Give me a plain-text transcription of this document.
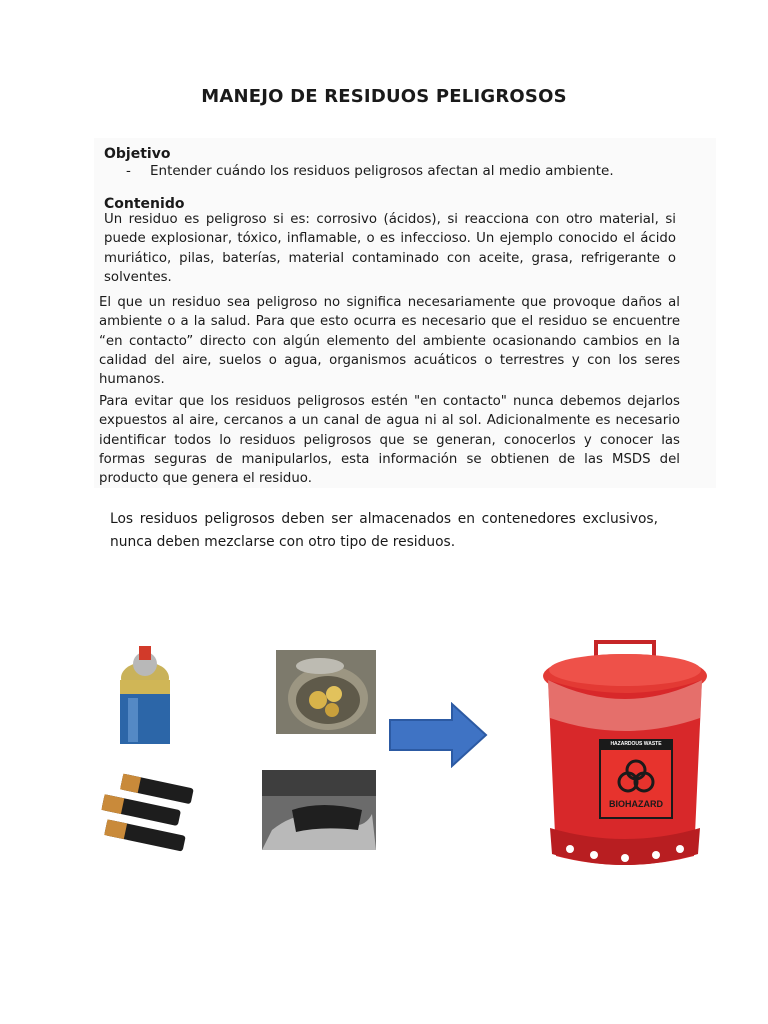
MANEJO DE RESIDUOS PELIGROSOS
Objetivo
- Entender cuándo los residuos peligrosos afectan al medio ambiente.
Contenido
Un residuo es peligroso si es: corrosivo (ácidos), si reacciona con otro material, si puede explosionar, tóxico, inflamable, o es infeccioso. Un ejemplo conocido el ácido muriático, pilas, baterías, material contaminado con aceite, grasa, refrigerante o solventes.
El que un residuo sea peligroso no significa necesariamente que provoque daños al ambiente o a la salud. Para que esto ocurra es necesario que el residuo se encuentre “en contacto” directo con algún elemento del ambiente ocasionando cambios en la calidad del aire, suelos o agua, organismos acuáticos o terrestres y con los seres humanos.
Para evitar que los residuos peligrosos estén "en contacto" nunca debemos dejarlos expuestos al aire, cercanos a un canal de agua ni al sol. Adicionalmente es necesario identificar todos lo residuos peligrosos que se generan, conocerlos y conocer las formas seguras de manipularlos, esta información se obtienen de las MSDS del producto que genera el residuo.
Los residuos peligrosos deben ser almacenados en contenedores exclusivos, nunca deben mezclarse con otro tipo de residuos.
HAZARDOUS WASTE
BIOHAZARD
